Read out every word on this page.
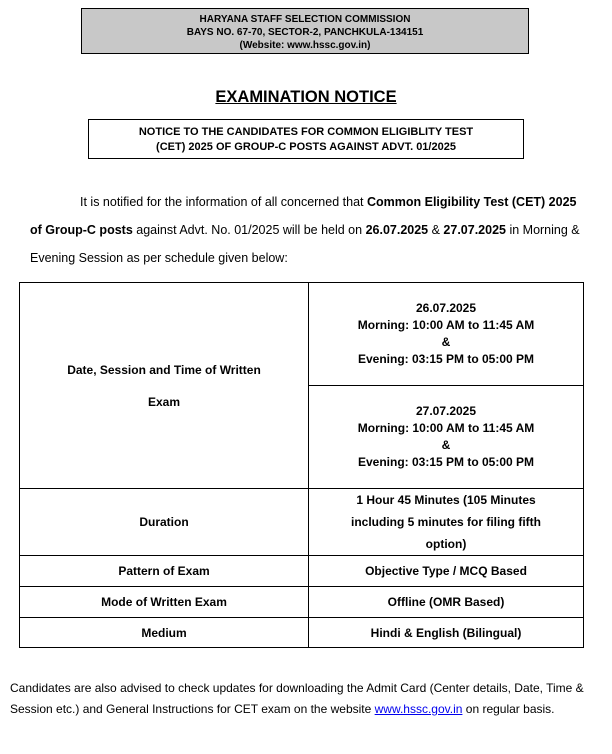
HARYANA STAFF SELECTION COMMISSION
BAYS NO. 67-70, SECTOR-2, PANCHKULA-134151
(Website: www.hssc.gov.in)
EXAMINATION NOTICE
NOTICE TO THE CANDIDATES FOR COMMON ELIGIBLITY TEST
(CET) 2025 OF GROUP-C POSTS AGAINST ADVT. 01/2025
It is notified for the information of all concerned that Common Eligibility Test (CET) 2025 of Group-C posts against Advt. No. 01/2025 will be held on 26.07.2025 & 27.07.2025 in Morning & Evening Session as per schedule given below:
Date, Session and Time of Written Exam	26.07.2025
Morning: 10:00 AM to 11:45 AM
&
Evening: 03:15 PM to 05:00 PM

	27.07.2025
Morning: 10:00 AM to 11:45 AM
&
Evening: 03:15 PM to 05:00 PM

Duration	1 Hour 45 Minutes (105 Minutes including 5 minutes for filing fifth option)

Pattern of Exam	Objective Type / MCQ Based
Mode of Written Exam	Offline (OMR Based)
Medium	Hindi & English (Bilingual)
Candidates are also advised to check updates for downloading the Admit Card (Center details, Date, Time & Session etc.) and General Instructions for CET exam on the website www.hssc.gov.in on regular basis.
